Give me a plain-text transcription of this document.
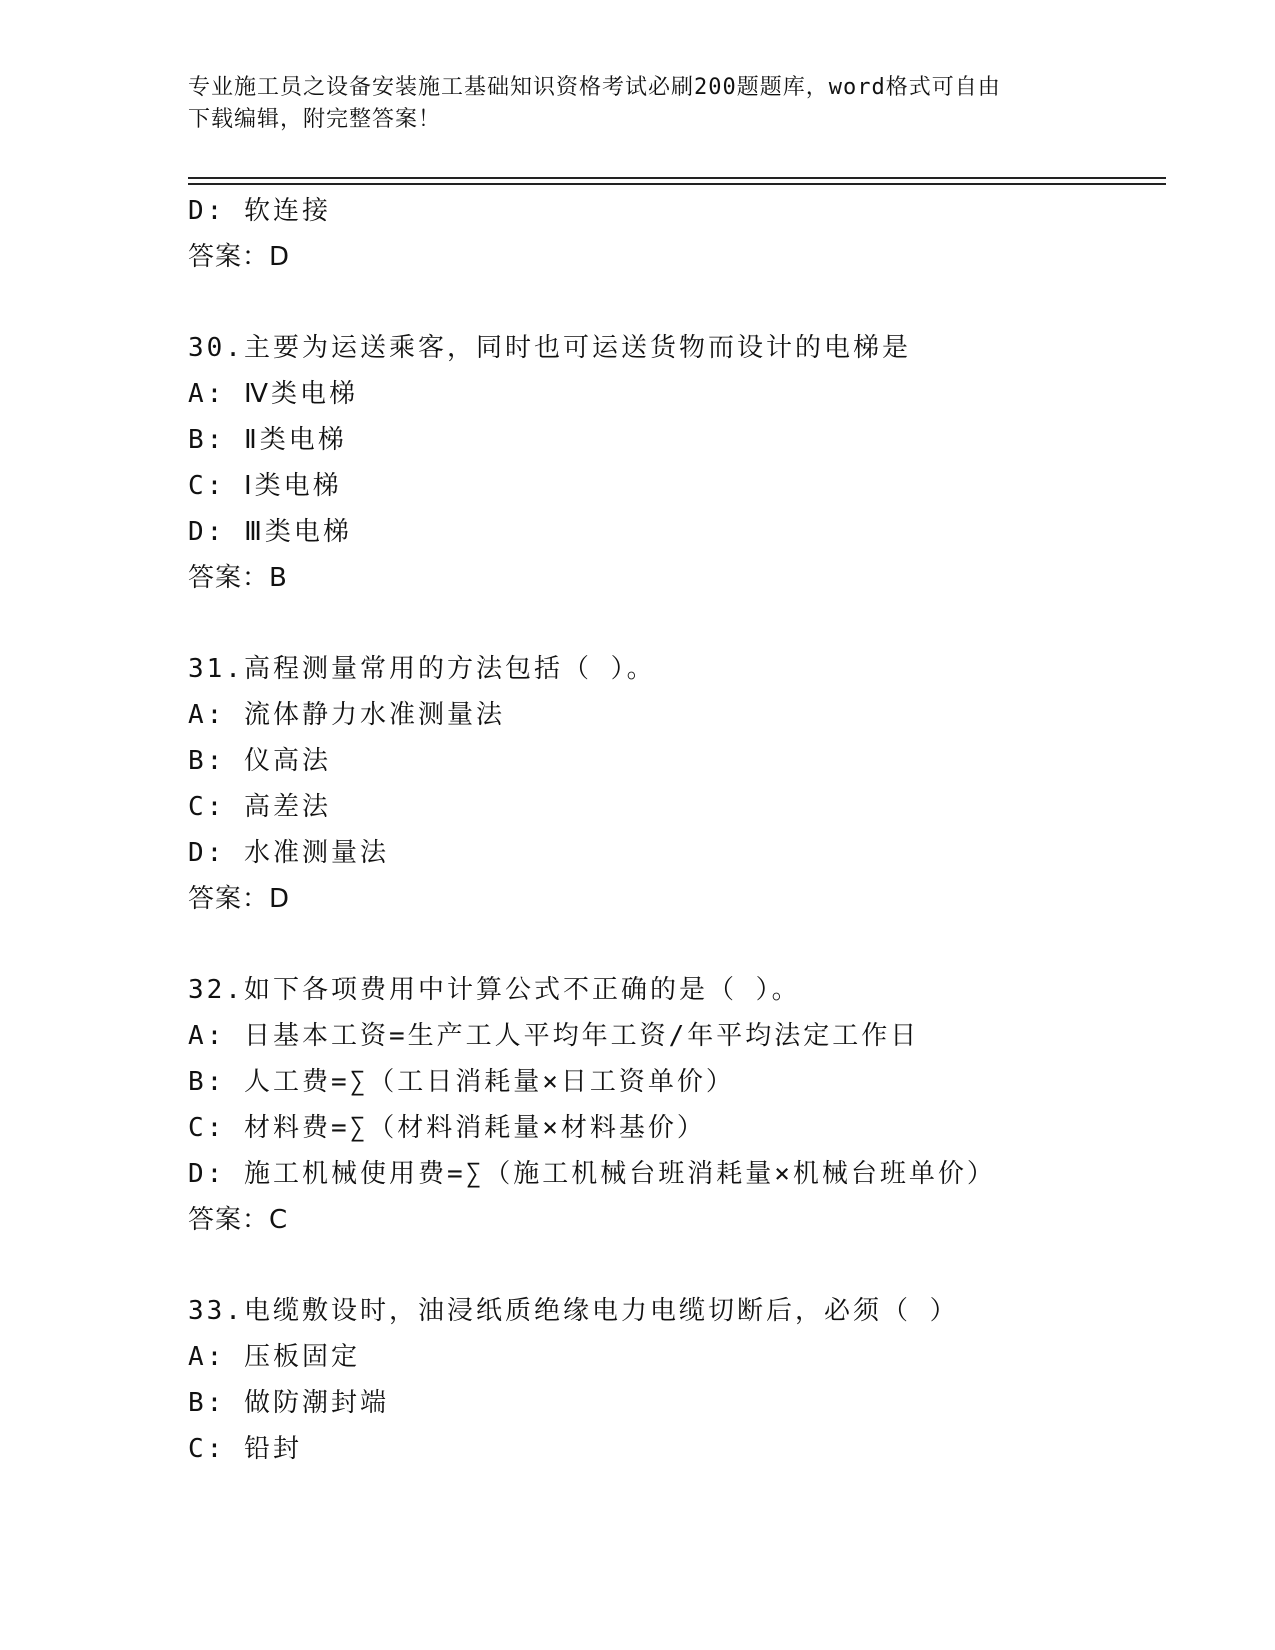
专业施工员之设备安装施工基础知识资格考试必刷200题题库，word格式可自由
下载编辑，附完整答案！
D: 软连接
答案：D
30.主要为运送乘客，同时也可运送货物而设计的电梯是
A: Ⅳ类电梯
B: Ⅱ类电梯
C: Ⅰ类电梯
D: Ⅲ类电梯
答案：B
31.高程测量常用的方法包括（ ）。
A: 流体静力水准测量法
B: 仪高法
C: 高差法
D: 水准测量法
答案：D
32.如下各项费用中计算公式不正确的是（ ）。
A: 日基本工资=生产工人平均年工资/年平均法定工作日
B: 人工费=∑（工日消耗量×日工资单价）
C: 材料费=∑（材料消耗量×材料基价）
D: 施工机械使用费=∑（施工机械台班消耗量×机械台班单价）
答案：C
33.电缆敷设时，油浸纸质绝缘电力电缆切断后，必须（ ）
A: 压板固定
B: 做防潮封端
C: 铅封
